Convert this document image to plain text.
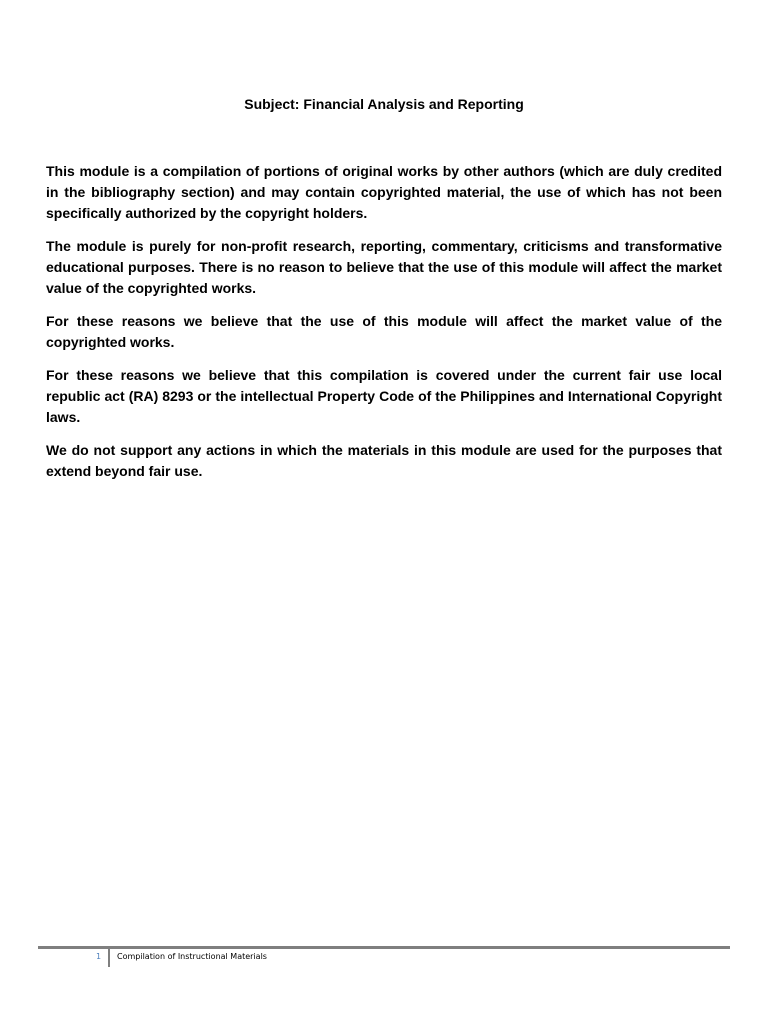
Subject: Financial Analysis and Reporting

This module is a compilation of portions of original works by other authors (which are duly credited in the bibliography section) and may contain copyrighted material, the use of which has not been specifically authorized by the copyright holders.

The module is purely for non-profit research, reporting, commentary, criticisms and transformative educational purposes. There is no reason to believe that the use of this module will affect the market value of the copyrighted works.

For these reasons we believe that the use of this module will affect the market value of the copyrighted works.

For these reasons we believe that this compilation is covered under the current fair use local republic act (RA) 8293 or the intellectual Property Code of the Philippines and International Copyright laws.

We do not support any actions in which the materials in this module are used for the purposes that extend beyond fair use.

1 Compilation of Instructional Materials
